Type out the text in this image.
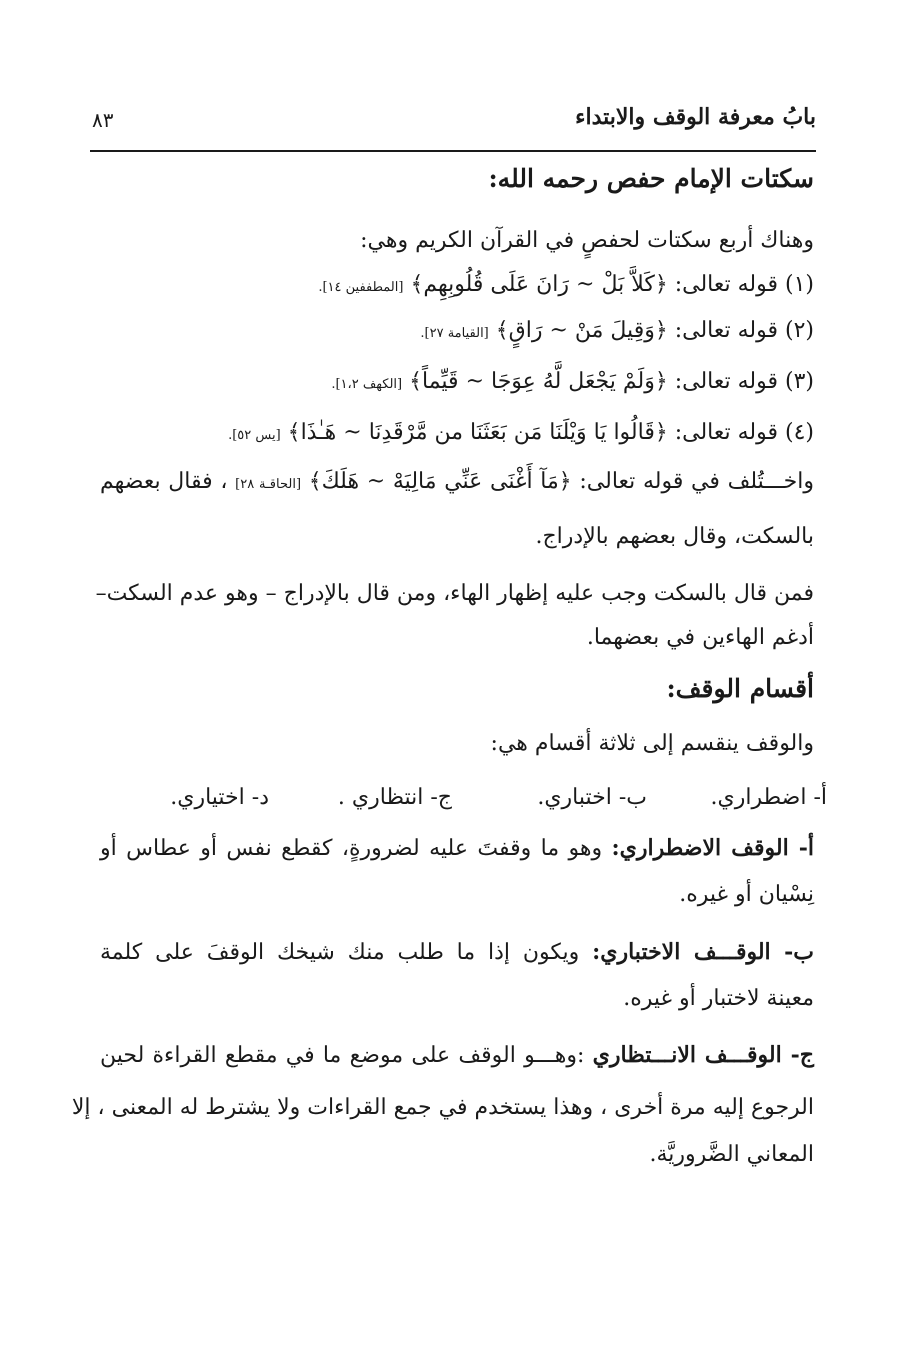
بابُ معرفة الوقف والابتداء
٨٣
سكتات الإمام حفص رحمه الله:
وهناك أربع سكتات لحفصٍ في القرآن الكريم وهي:
(١) قوله تعالى: ﴿كَلاَّ بَلْ ~ رَانَ عَلَى قُلُوبِهِم﴾ [المطففين ١٤].
(٢) قوله تعالى: ﴿وَقِيلَ مَنْ ~ رَاقٍ﴾ [القيامة ٢٧].
(٣) قوله تعالى: ﴿وَلَمْ يَجْعَل لَّهُ عِوَجَا ~ قَيِّماً﴾ [الكهف ١،٢].
(٤) قوله تعالى: ﴿قَالُوا يَا وَيْلَنَا مَن بَعَثَنَا من مَّرْقَدِنَا ~ هَـٰذَا﴾ [يس ٥٢].
واخـــتُلف في قوله تعالى: ﴿مَآ أَغْنَى عَنِّي مَالِيَهْ ~ هَلَكَ﴾ [الحاقـة ٢٨] ، فقال بعضهم
بالسكت، وقال بعضهم بالإدراج.
فمن قال بالسكت وجب عليه إظهار الهاء، ومن قال بالإدراج – وهو عدم السكت–
أدغم الهاءين في بعضهما.
أقسام الوقف:
والوقف ينقسم إلى ثلاثة أقسام هي:
أ- اضطراري.
ب- اختباري.
ج- انتظاري .
د- اختياري.
أ- الوقف الاضطراري: وهو ما وقفتَ عليه لضرورةٍ، كقطع نفس أو عطاس أو
نِسْيان أو غيره.
ب- الوقـــف الاختباري: ويكون إذا ما طلب منك شيخك الوقفَ على كلمة
معينة لاختبار أو غيره.
ج- الوقـــف الانـــتظاري :وهـــو الوقف على موضع ما في مقطع القراءة لحين
الرجوع إليه مرة أخرى ، وهذا يستخدم في جمع القراءات ولا يشترط له المعنى ، إلا
المعاني الضَّروريَّة.
